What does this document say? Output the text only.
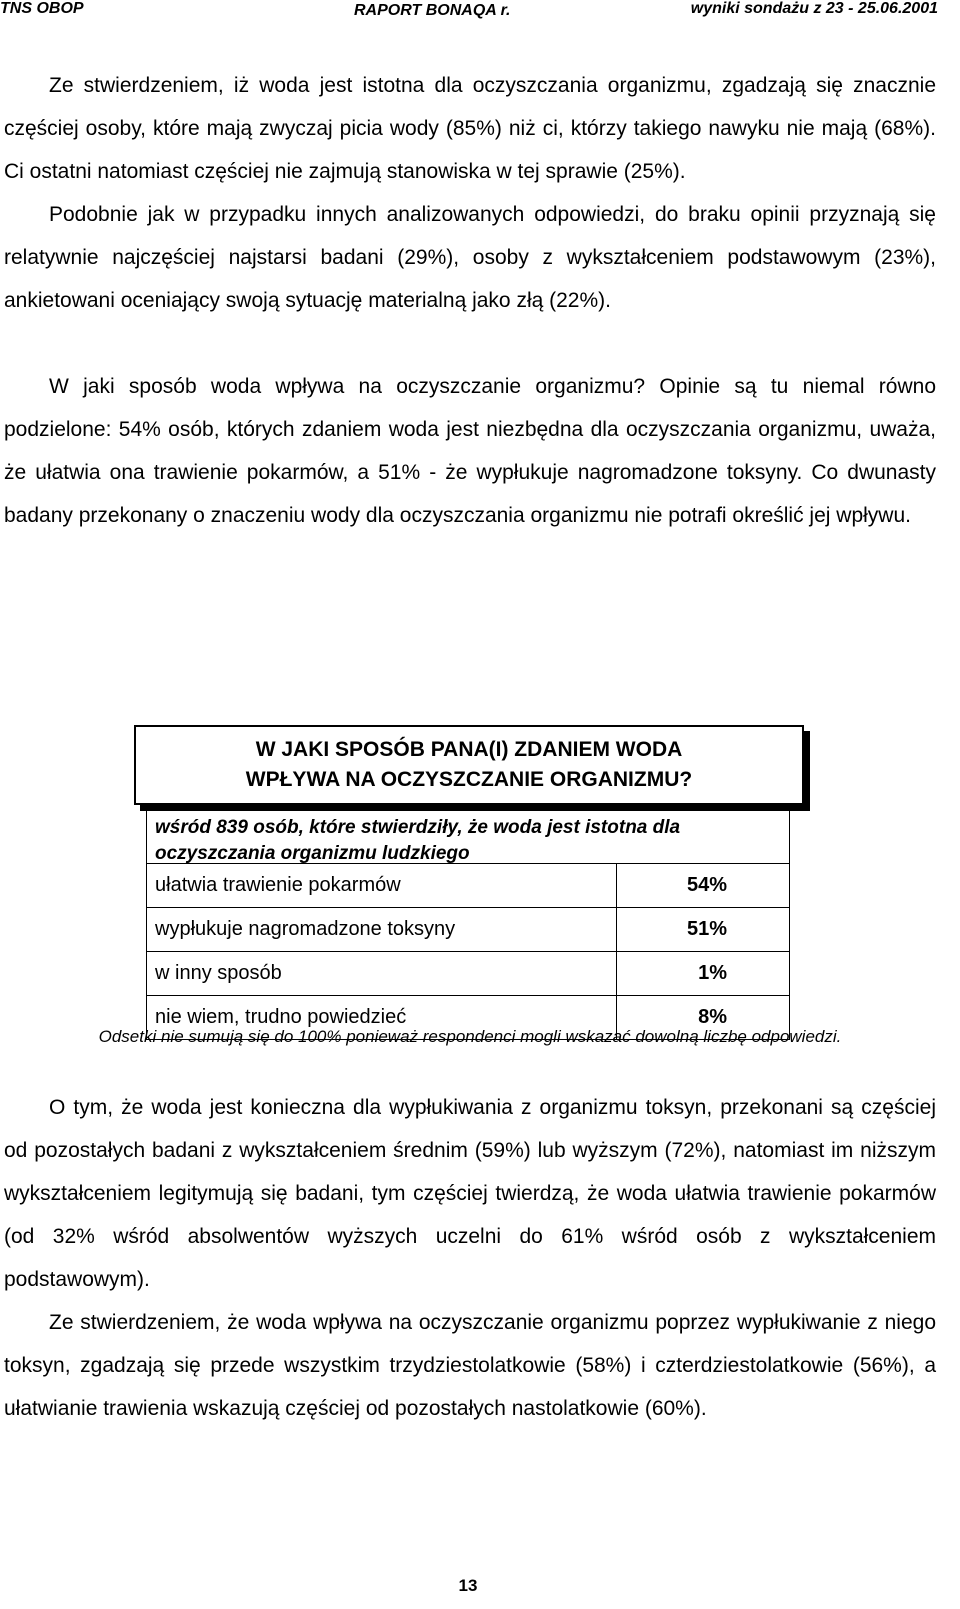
TNS OBOP	RAPORT BONAQA r.	wyniki sondażu z 23 - 25.06.2001

Ze stwierdzeniem, iż woda jest istotna dla oczyszczania organizmu, zgadzają się znacznie częściej osoby, które mają zwyczaj picia wody (85%) niż ci, którzy takiego nawyku nie mają (68%). Ci ostatni natomiast częściej nie zajmują stanowiska w tej sprawie (25%).

Podobnie jak w przypadku innych analizowanych odpowiedzi, do braku opinii przyznają się relatywnie najczęściej najstarsi badani (29%), osoby z wykształceniem podstawowym (23%), ankietowani oceniający swoją sytuację materialną jako złą (22%).

W jaki sposób woda wpływa na oczyszczanie organizmu? Opinie są tu niemal równo podzielone: 54% osób, których zdaniem woda jest niezbędna dla oczyszczania organizmu, uważa, że ułatwia ona trawienie pokarmów, a 51% - że wypłukuje nagromadzone toksyny. Co dwunasty badany przekonany o znaczeniu wody dla oczyszczania organizmu nie potrafi określić jej wpływu.

W JAKI SPOSÓB PANA(I) ZDANIEM WODA WPŁYWA NA OCZYSZCZANIE ORGANIZMU?
wśród 839 osób, które stwierdziły, że woda jest istotna dla oczyszczania organizmu ludzkiego
ułatwia trawienie pokarmów	54%
wypłukuje nagromadzone toksyny	51%
w inny sposób	1%
nie wiem, trudno powiedzieć	8%
Odsetki nie sumują się do 100% ponieważ respondenci mogli wskazać dowolną liczbę odpowiedzi.

O tym, że woda jest konieczna dla wypłukiwania z organizmu toksyn, przekonani są częściej od pozostałych badani z wykształceniem średnim (59%) lub wyższym (72%), natomiast im niższym wykształceniem legitymują się badani, tym częściej twierdzą, że woda ułatwia trawienie pokarmów (od 32% wśród absolwentów wyższych uczelni do 61% wśród osób z wykształceniem podstawowym).

Ze stwierdzeniem, że woda wpływa na oczyszczanie organizmu poprzez wypłukiwanie z niego toksyn, zgadzają się przede wszystkim trzydziestolatkowie (58%) i czterdziestolatkowie (56%), a ułatwianie trawienia wskazują częściej od pozostałych nastolatkowie (60%).

13
